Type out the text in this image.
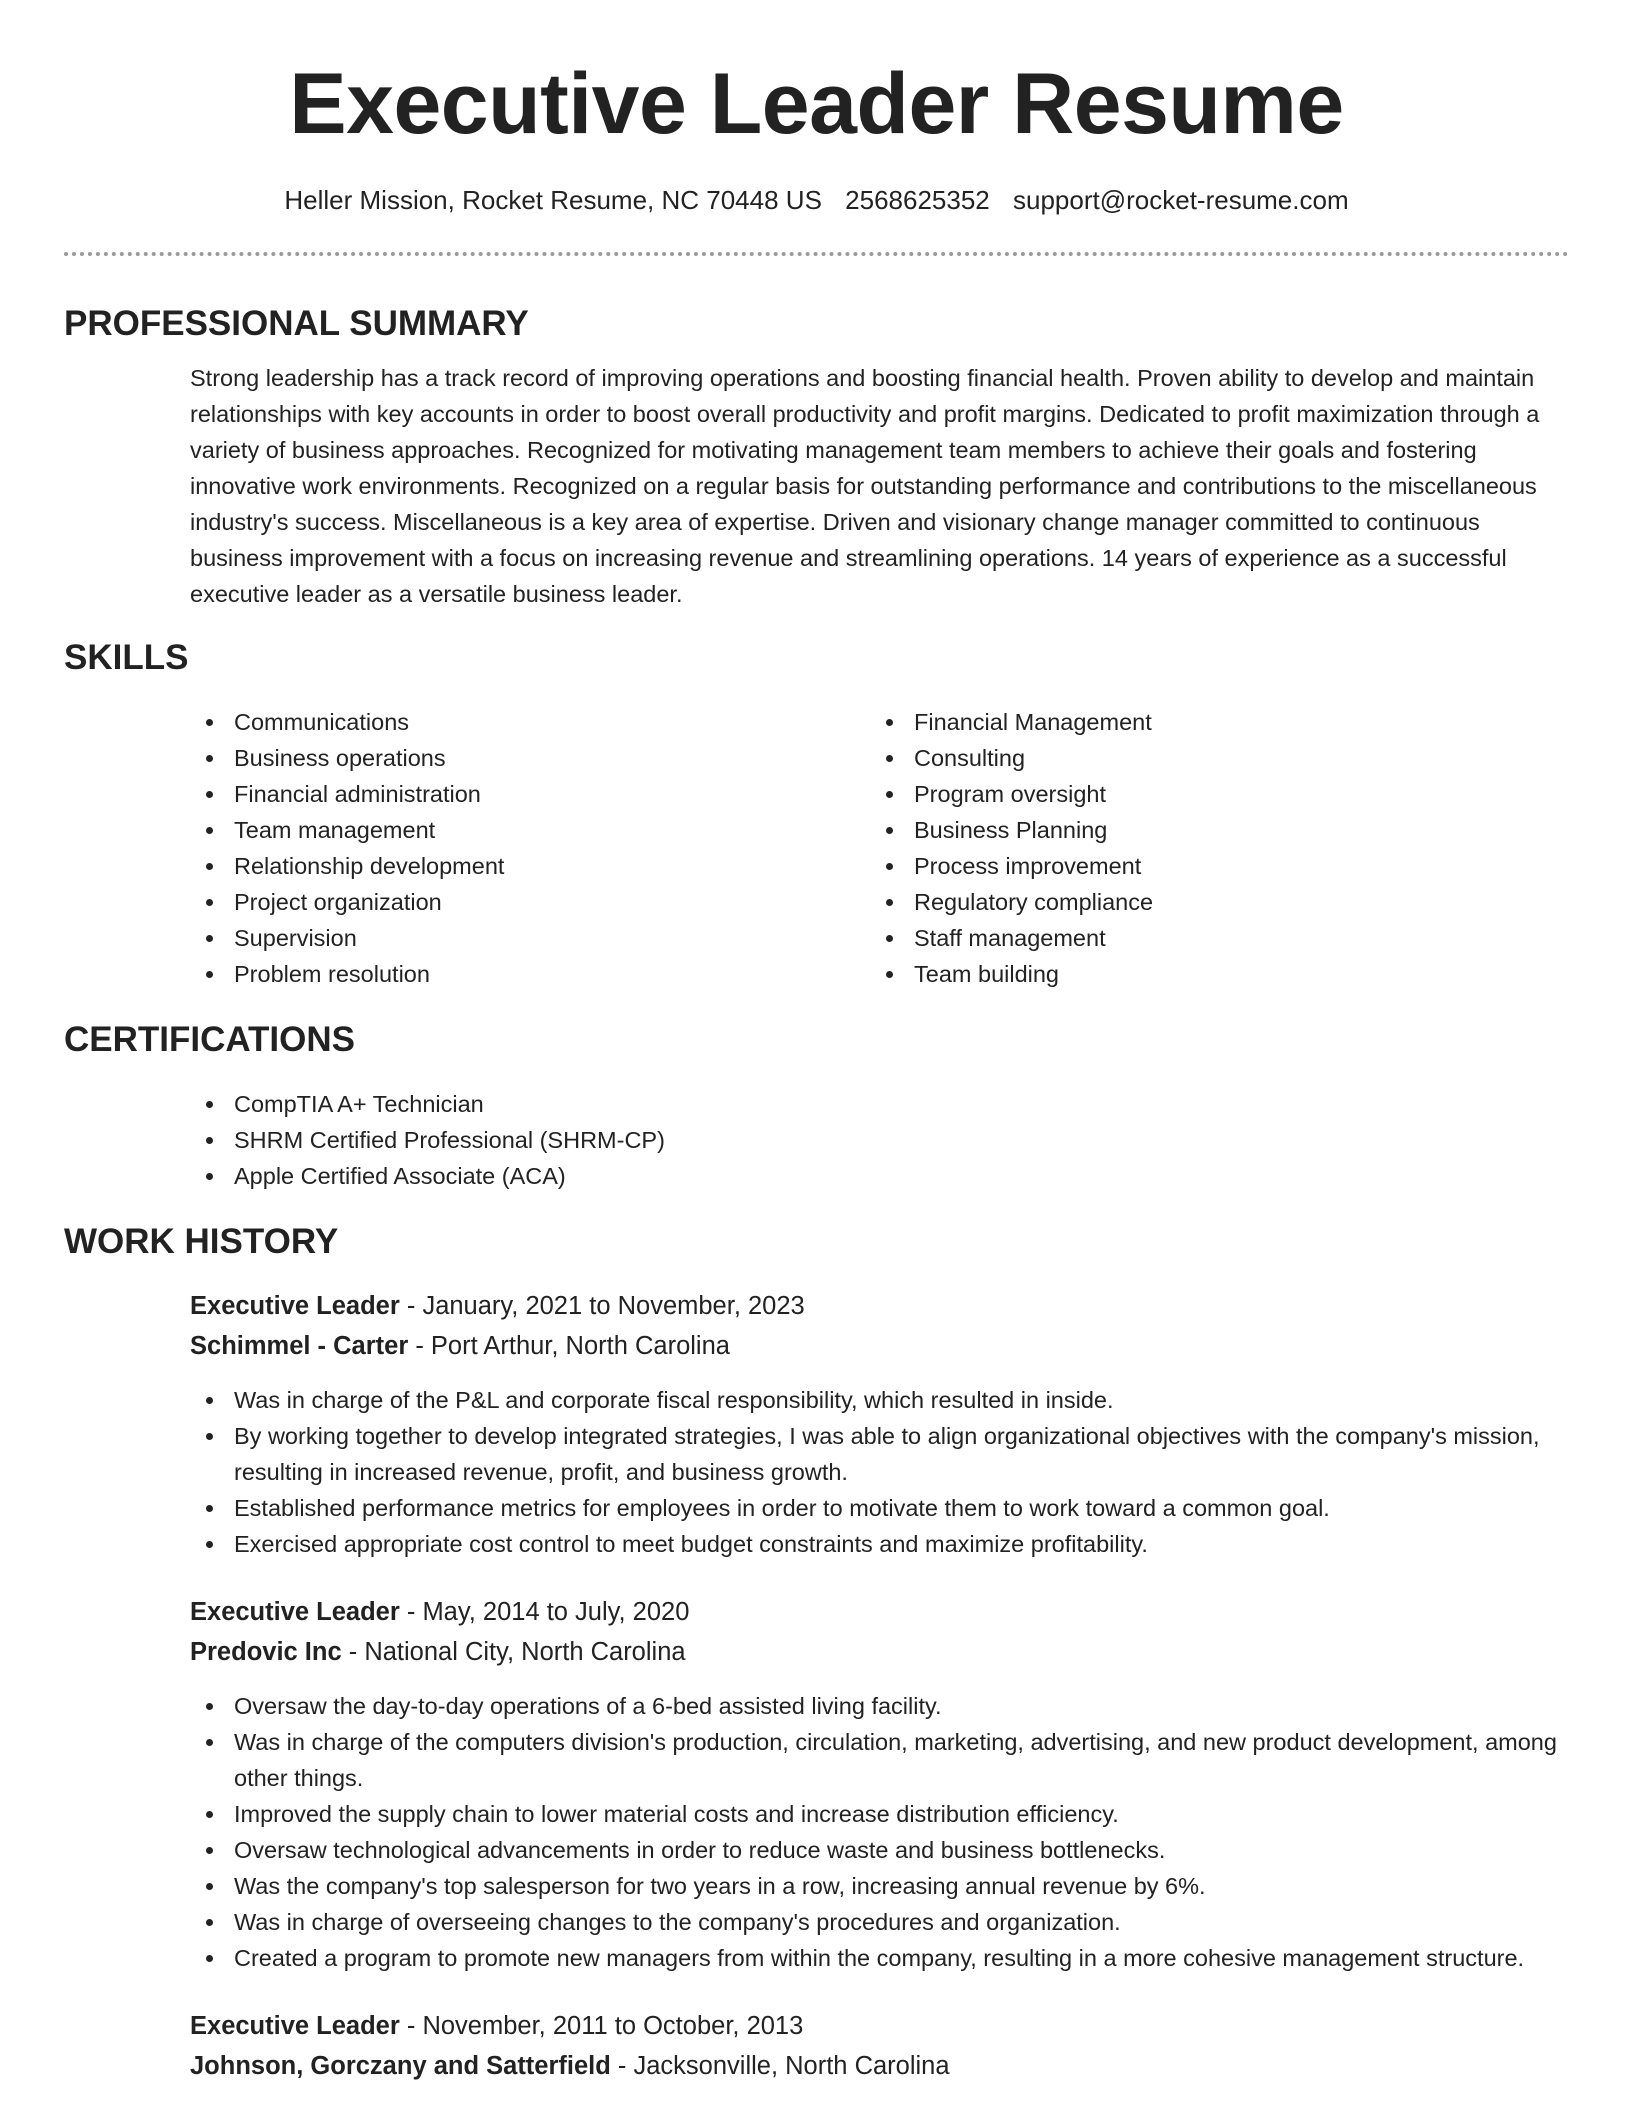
Executive Leader Resume
Heller Mission, Rocket Resume, NC 70448 US 2568625352 support@rocket-resume.com
PROFESSIONAL SUMMARY

Strong leadership has a track record of improving operations and boosting financial health. Proven ability to develop and maintain relationships with key accounts in order to boost overall productivity and profit margins. Dedicated to profit maximization through a variety of business approaches. Recognized for motivating management team members to achieve their goals and fostering innovative work environments. Recognized on a regular basis for outstanding performance and contributions to the miscellaneous industry's success. Miscellaneous is a key area of expertise. Driven and visionary change manager committed to continuous business improvement with a focus on increasing revenue and streamlining operations. 14 years of experience as a successful executive leader as a versatile business leader.

SKILLS
Communications
Business operations
Financial administration
Team management
Relationship development
Project organization
Supervision
Problem resolution
Financial Management
Consulting
Program oversight
Business Planning
Process improvement
Regulatory compliance
Staff management
Team building
CERTIFICATIONS
CompTIA A+ Technician
SHRM Certified Professional (SHRM-CP)
Apple Certified Associate (ACA)
WORK HISTORY
Executive Leader - January, 2021 to November, 2023
Schimmel - Carter - Port Arthur, North Carolina
Was in charge of the P&L and corporate fiscal responsibility, which resulted in inside.
By working together to develop integrated strategies, I was able to align organizational objectives with the company's mission, resulting in increased revenue, profit, and business growth.
Established performance metrics for employees in order to motivate them to work toward a common goal.
Exercised appropriate cost control to meet budget constraints and maximize profitability.
Executive Leader - May, 2014 to July, 2020
Predovic Inc - National City, North Carolina
Oversaw the day-to-day operations of a 6-bed assisted living facility.
Was in charge of the computers division's production, circulation, marketing, advertising, and new product development, among other things.
Improved the supply chain to lower material costs and increase distribution efficiency.
Oversaw technological advancements in order to reduce waste and business bottlenecks.
Was the company's top salesperson for two years in a row, increasing annual revenue by 6%.
Was in charge of overseeing changes to the company's procedures and organization.
Created a program to promote new managers from within the company, resulting in a more cohesive management structure.
Executive Leader - November, 2011 to October, 2013
Johnson, Gorczany and Satterfield - Jacksonville, North Carolina
